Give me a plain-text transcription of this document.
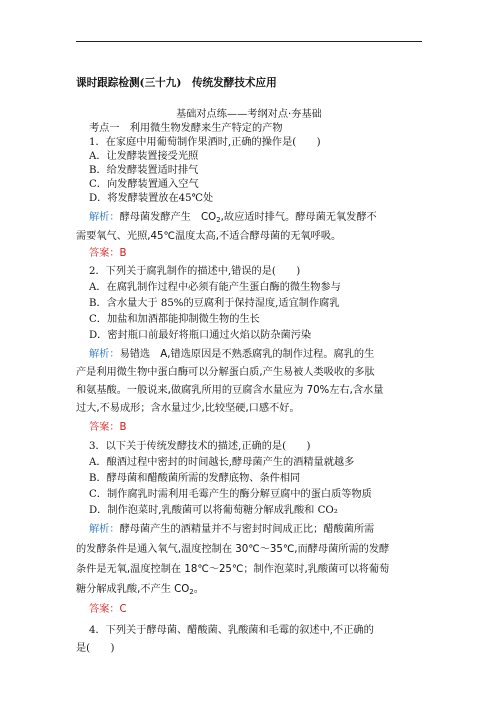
课时跟踪检测(三十九)　传统发酵技术应用
基础对点练——考纲对点·夯基础
考点一　利用微生物发酵来生产特定的产物
1．在家庭中用葡萄制作果酒时,正确的操作是(　　)
A．让发酵装置接受光照
B．给发酵装置适时排气
C．向发酵装置通入空气
D．将发酵装置放在45℃处
解析：酵母菌发酵产生　$CO_2$,故应适时排气。酵母菌无氧发酵不
需要氧气、光照,45℃温度太高,不适合酵母菌的无氧呼吸。
答案：B
2．下列关于腐乳制作的描述中,错误的是(　　)
A．在腐乳制作过程中必须有能产生蛋白酶的微生物参与
B．含水量大于 85%的豆腐利于保持湿度,适宜制作腐乳
C．加盐和加酒都能抑制微生物的生长
D．密封瓶口前最好将瓶口通过火焰以防杂菌污染
解析：易错选　A,错选原因是不熟悉腐乳的制作过程。腐乳的生
产是利用微生物中蛋白酶可以分解蛋白质,产生易被人类吸收的多肽
和氨基酸。一般说来,做腐乳所用的豆腐含水量应为 70%左右,含水量
过大,不易成形；含水量过少,比较坚硬,口感不好。
答案：B
3．以下关于传统发酵技术的描述,正确的是(　　)
A．酿酒过程中密封的时间越长,酵母菌产生的酒精量就越多
B．酵母菌和醋酸菌所需的发酵底物、条件相同
C．制作腐乳时需利用毛霉产生的酶分解豆腐中的蛋白质等物质
D．制作泡菜时,乳酸菌可以将葡萄糖分解成乳酸和 CO₂
解析：酵母菌产生的酒精量并不与密封时间成正比；醋酸菌所需
的发酵条件是通入氧气,温度控制在 30℃～35℃,而酵母菌所需的发酵
条件是无氧,温度控制在 18℃～25℃；制作泡菜时,乳酸菌可以将葡萄
糖分解成乳酸,不产生 $CO_2$。
答案：C
4．下列关于酵母菌、醋酸菌、乳酸菌和毛霉的叙述中,不正确的
是(　　)
